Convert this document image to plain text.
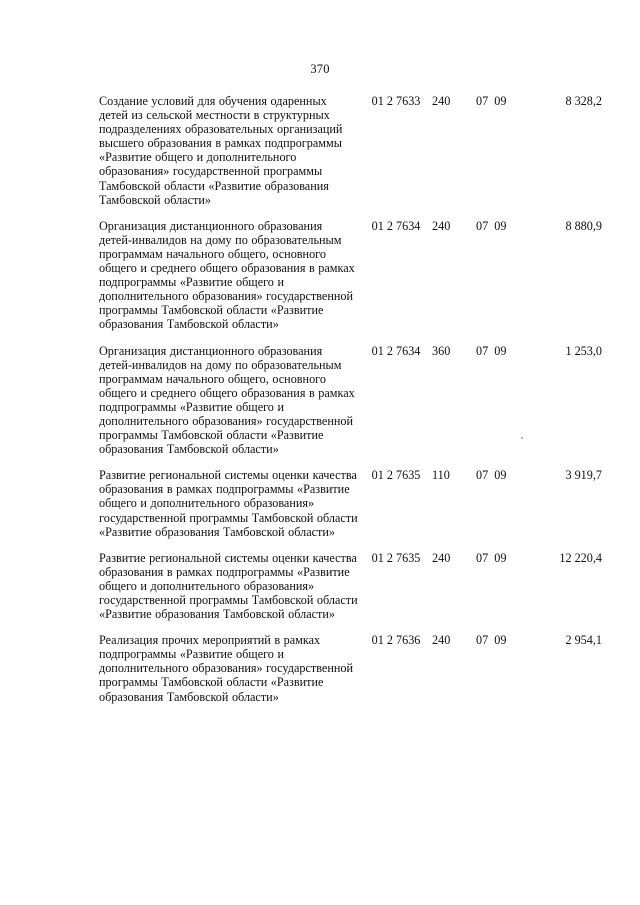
370
Создание условий для обучения одаренных детей из сельской местности в структурных подразделениях образовательных организаций высшего образования в рамках подпрограммы «Развитие общего и дополнительного образования» государственной программы Тамбовской области «Развитие образования Тамбовской области»	01 2 7633	240	07 09	8 328,2
Организация дистанционного образования детей-инвалидов на дому по образовательным программам начального общего, основного общего и среднего общего образования в рамках подпрограммы «Развитие общего и дополнительного образования» государственной программы Тамбовской области «Развитие образования Тамбовской области»	01 2 7634	240	07 09	8 880,9
Организация дистанционного образования детей-инвалидов на дому по образовательным программам начального общего, основного общего и среднего общего образования в рамках подпрограммы «Развитие общего и дополнительного образования» государственной программы Тамбовской области «Развитие образования Тамбовской области»	01 2 7634	360	07 09	1 253,0
Развитие региональной системы оценки качества образования в рамках подпрограммы «Развитие общего и дополнительного образования» государственной программы Тамбовской области «Развитие образования Тамбовской области»	01 2 7635	110	07 09	3 919,7
Развитие региональной системы оценки качества образования в рамках подпрограммы «Развитие общего и дополнительного образования» государственной программы Тамбовской области «Развитие образования Тамбовской области»	01 2 7635	240	07 09	12 220,4
Реализация прочих мероприятий в рамках подпрограммы «Развитие общего и дополнительного образования» государственной программы Тамбовской области «Развитие образования Тамбовской области»	01 2 7636	240	07 09	2 954,1
